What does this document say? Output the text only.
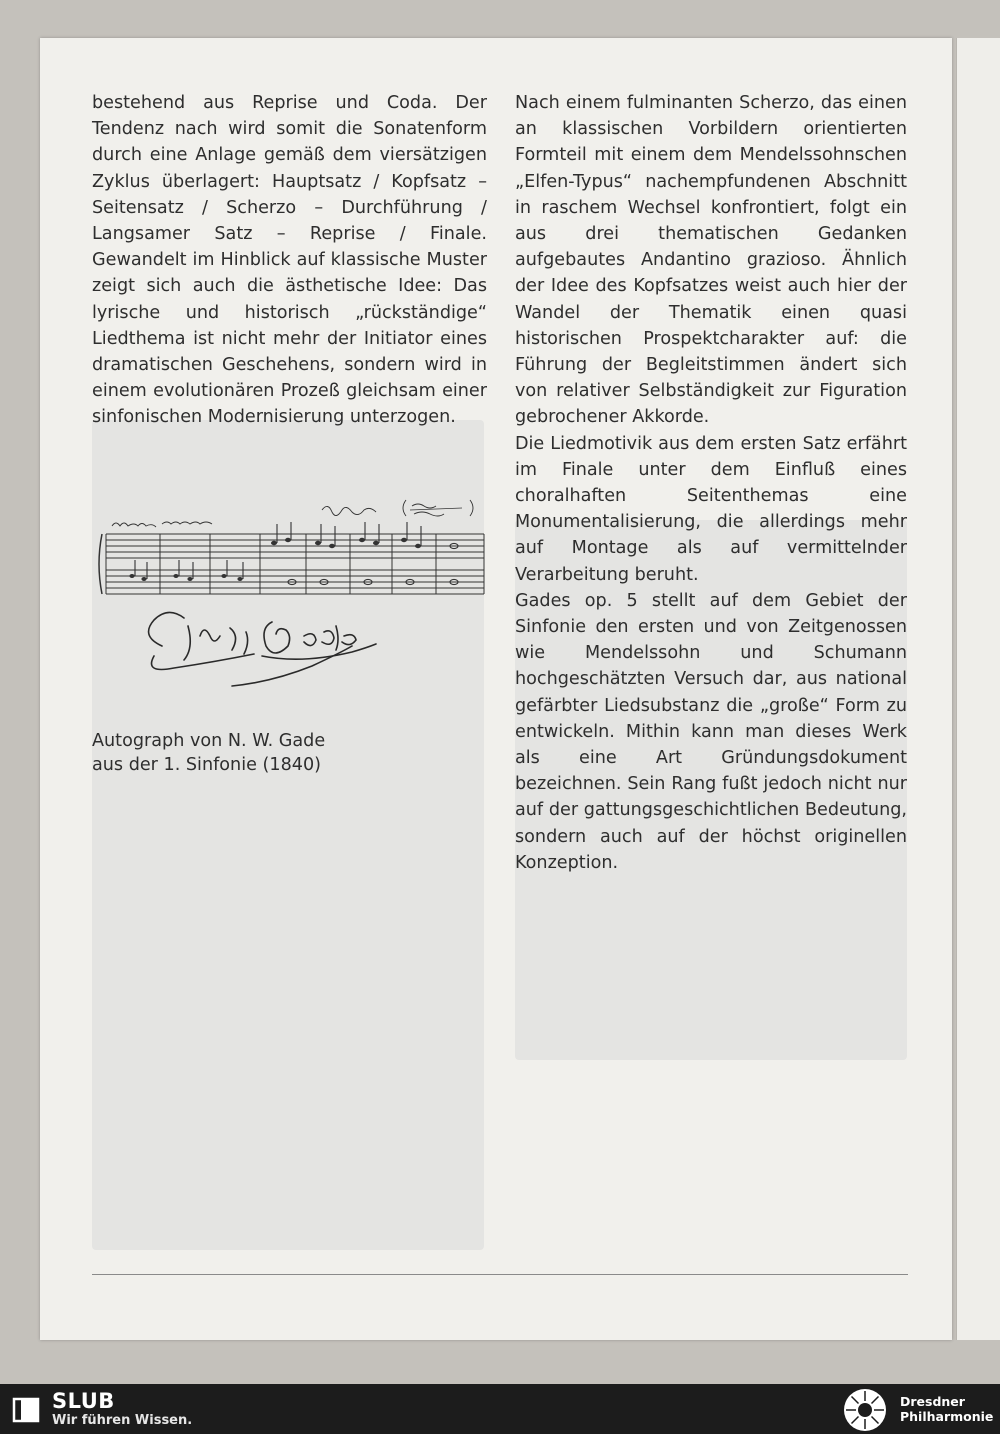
bestehend aus Reprise und Coda. Der Tendenz nach wird somit die Sonatenform durch eine Anlage gemäß dem viersätzigen Zyklus überlagert: Hauptsatz / Kopfsatz – Seitensatz / Scherzo – Durchführung / Langsamer Satz – Reprise / Finale. Gewandelt im Hinblick auf klassische Muster zeigt sich auch die ästhetische Idee: Das lyrische und historisch „rückständige“ Liedthema ist nicht mehr der Initiator eines dramatischen Geschehens, sondern wird in einem evolutionären Prozeß gleichsam einer sinfonischen Modernisierung unterzogen.

Nach einem fulminanten Scherzo, das einen an klassischen Vorbildern orientierten Formteil mit einem dem Mendelssohnschen „Elfen-Typus“ nachempfundenen Abschnitt in raschem Wechsel konfrontiert, folgt ein aus drei thematischen Gedanken aufgebautes Andantino grazioso. Ähnlich der Idee des Kopfsatzes weist auch hier der Wandel der Thematik einen quasi historischen Prospektcharakter auf: die Führung der Begleitstimmen ändert sich von relativer Selbständigkeit zur Figuration gebrochener Akkorde.

Die Liedmotivik aus dem ersten Satz erfährt im Finale unter dem Einfluß eines choralhaften Seitenthemas eine Monumentalisierung, die allerdings mehr auf Montage als auf vermittelnder Verarbeitung beruht.

Gades op. 5 stellt auf dem Gebiet der Sinfonie den ersten und von Zeitgenossen wie Mendelssohn und Schumann hochgeschätzten Versuch dar, aus national gefärbter Liedsubstanz die „große“ Form zu entwickeln. Mithin kann man dieses Werk als eine Art Gründungsdokument bezeichnen. Sein Rang fußt jedoch nicht nur auf der gattungsgeschichtlichen Bedeutung, sondern auch auf der höchst originellen Konzeption.

Autograph von N. W. Gade
aus der 1. Sinfonie (1840)
SLUB
Wir führen Wissen.
Dresdner
Philharmonie
